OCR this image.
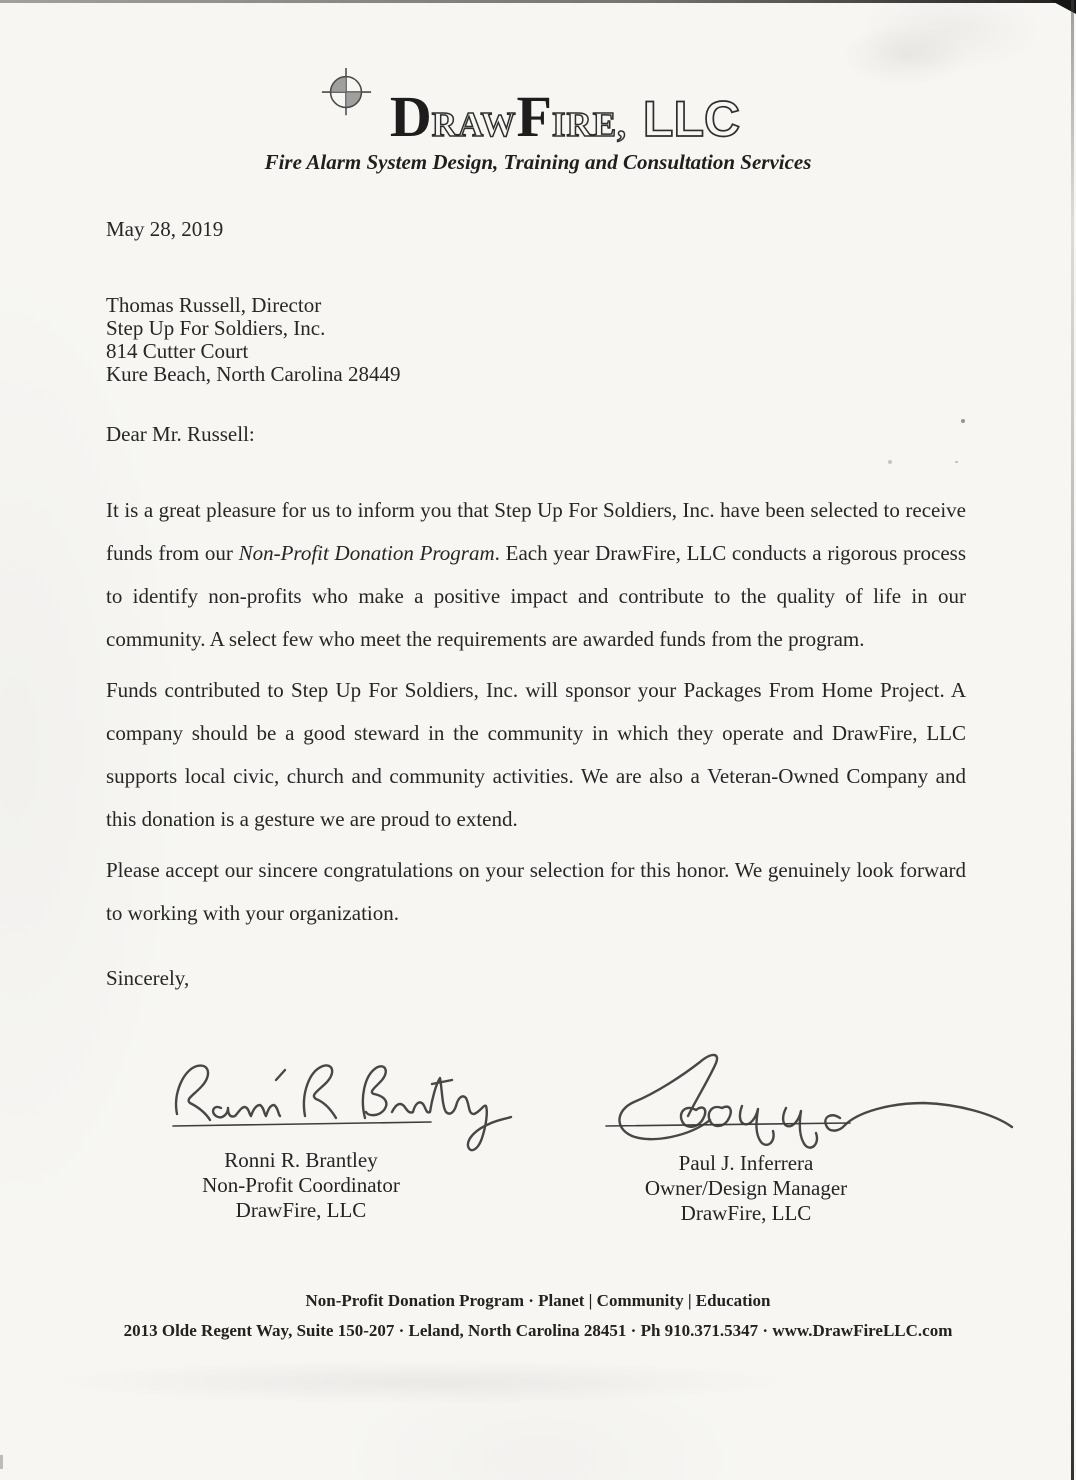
D RAW F IRE, LLC
Fire Alarm System Design, Training and Consultation Services
May 28, 2019
Thomas Russell, Director
Step Up For Soldiers, Inc.
814 Cutter Court
Kure Beach, North Carolina 28449
Dear Mr. Russell:

It is a great pleasure for us to inform you that Step Up For Soldiers, Inc. have been selected to receive funds from our Non-Profit Donation Program. Each year DrawFire, LLC conducts a rigorous process to identify non-profits who make a positive impact and contribute to the quality of life in our community. A select few who meet the requirements are awarded funds from the program.

Funds contributed to Step Up For Soldiers, Inc. will sponsor your Packages From Home Project. A company should be a good steward in the community in which they operate and DrawFire, LLC supports local civic, church and community activities. We are also a Veteran-Owned Company and this donation is a gesture we are proud to extend.

Please accept our sincere congratulations on your selection for this honor. We genuinely look forward to working with your organization.

Sincerely,
Ronni R. Brantley
Non-Profit Coordinator
DrawFire, LLC
Paul J. Inferrera
Owner/Design Manager
DrawFire, LLC
Non-Profit Donation Program · Planet | Community | Education
2013 Olde Regent Way, Suite 150-207 · Leland, North Carolina 28451 · Ph 910.371.5347 · www.DrawFireLLC.com
